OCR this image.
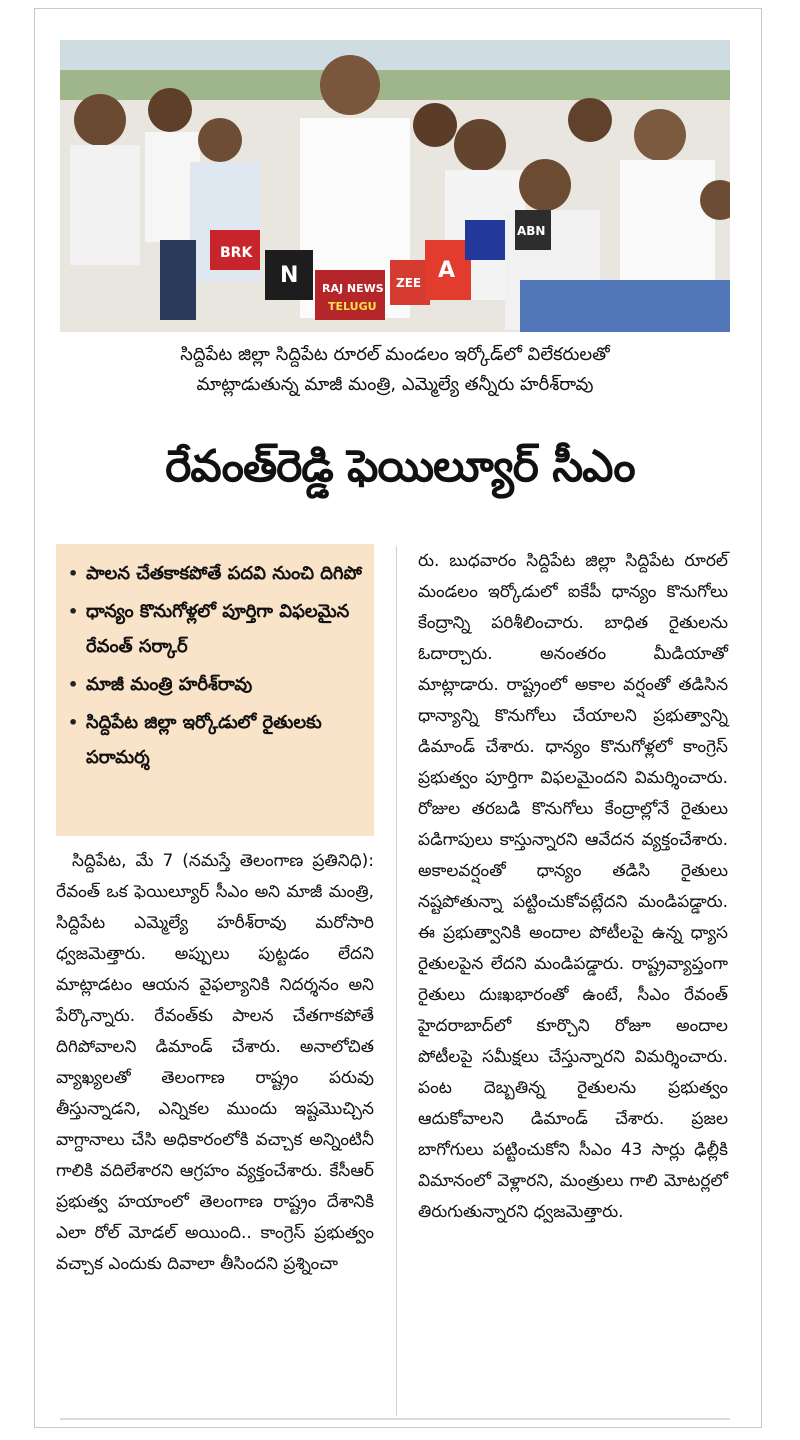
BRK
N
RAJ NEWS
TELUGU
ZEE A
ABN
సిద్దిపేట జిల్లా సిద్దిపేట రూరల్ మండలం ఇర్కోడ్‌లో విలేకరులతో
మాట్లాడుతున్న మాజీ మంత్రి, ఎమ్మెల్యే తన్నీరు హరీశ్‌రావు
రేవంత్‌రెడ్డి ఫెయిల్యూర్ సీఎం
• పాలన చేతకాకపోతే పదవి నుంచి దిగిపో
• ధాన్యం కొనుగోళ్లలో పూర్తిగా విఫలమైన రేవంత్ సర్కార్
• మాజీ మంత్రి హరీశ్‌రావు
• సిద్దిపేట జిల్లా ఇర్కోడులో రైతులకు పరామర్శ
సిద్దిపేట, మే 7 (నమస్తే తెలంగాణ ప్రతినిధి): రేవంత్ ఒక ఫెయిల్యూర్ సీఎం అని మాజీ మంత్రి, సిద్దిపేట ఎమ్మెల్యే హరీశ్‌రావు మరోసారి ధ్వజమెత్తారు. అప్పులు పుట్టడం లేదని మాట్లాడటం ఆయన వైఫల్యానికి నిదర్శనం అని పేర్కొన్నారు. రేవంత్‌కు పాలన చేతగాకపోతే దిగిపోవాలని డిమాండ్ చేశారు. అనాలోచిత వ్యాఖ్యలతో తెలంగాణ రాష్ట్రం పరువు తీస్తున్నాడని, ఎన్నికల ముందు ఇష్టమొచ్చిన వాగ్దానాలు చేసి అధికారంలోకి వచ్చాక అన్నింటినీ గాలికి వదిలేశారని ఆగ్రహం వ్యక్తంచేశారు. కేసీఆర్ ప్రభుత్వ హయాంలో తెలంగాణ రాష్ట్రం దేశానికి ఎలా రోల్ మోడల్ అయింది.. కాంగ్రెస్ ప్రభుత్వం వచ్చాక ఎందుకు దివాలా తీసిందని ప్రశ్నించా
రు. బుధవారం సిద్దిపేట జిల్లా సిద్దిపేట రూరల్ మండలం ఇర్కోడులో ఐకేపీ ధాన్యం కొనుగోలు కేంద్రాన్ని పరిశీలించారు. బాధిత రైతులను ఓదార్చారు. అనంతరం మీడియాతో మాట్లాడారు. రాష్ట్రంలో అకాల వర్షంతో తడిసిన ధాన్యాన్ని కొనుగోలు చేయాలని ప్రభుత్వాన్ని డిమాండ్ చేశారు. ధాన్యం కొనుగోళ్లలో కాంగ్రెస్ ప్రభుత్వం పూర్తిగా విఫలమైందని విమర్శించారు. రోజుల తరబడి కొనుగోలు కేంద్రాల్లోనే రైతులు పడిగాపులు కాస్తున్నారని ఆవేదన వ్యక్తంచేశారు. అకాలవర్షంతో ధాన్యం తడిసి రైతులు నష్టపోతున్నా పట్టించుకోవట్లేదని మండిపడ్డారు. ఈ ప్రభుత్వానికి అందాల పోటీలపై ఉన్న ధ్యాస రైతులపైన లేదని మండిపడ్డారు. రాష్ట్రవ్యాప్తంగా రైతులు దుఃఖభారంతో ఉంటే, సీఎం రేవంత్ హైదరాబాద్‌లో కూర్చొని రోజూ అందాల పోటీలపై సమీక్షలు చేస్తున్నారని విమర్శించారు. పంట దెబ్బతిన్న రైతులను ప్రభుత్వం ఆదుకోవాలని డిమాండ్ చేశారు. ప్రజల బాగోగులు పట్టించుకోని సీఎం 43 సార్లు ఢిల్లీకి విమానంలో వెళ్లారని, మంత్రులు గాలి మోటర్లలో తిరుగుతున్నారని ధ్వజమెత్తారు.
